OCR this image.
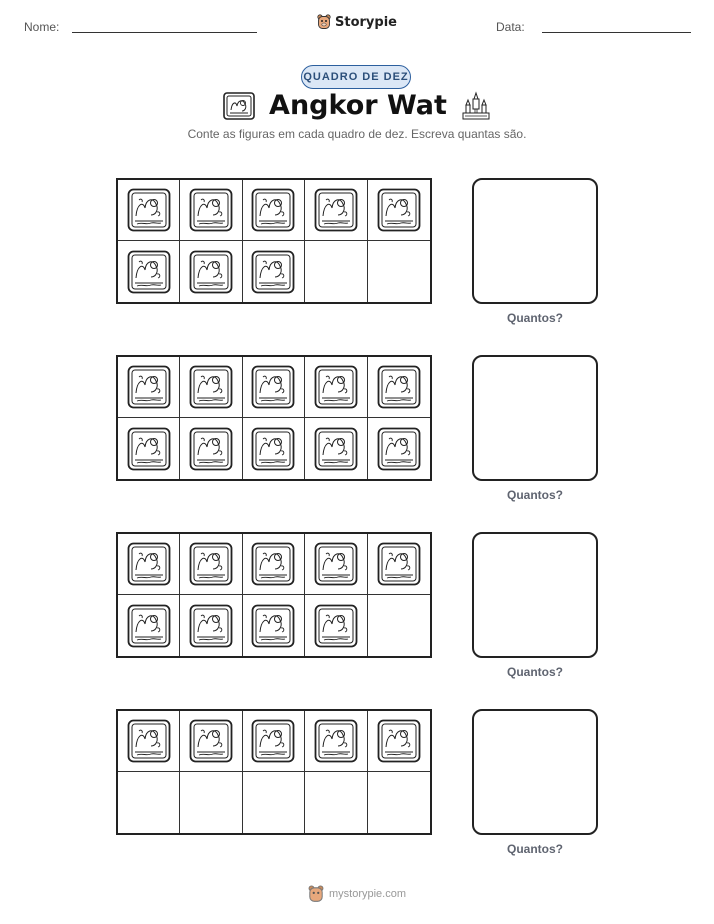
Nome:	Storypie	Data:
QUADRO DE DEZ
Angkor Wat
Conte as figuras em cada quadro de dez. Escreva quantas são.
Quantos?
Quantos?
Quantos?
Quantos?
mystorypie.com
